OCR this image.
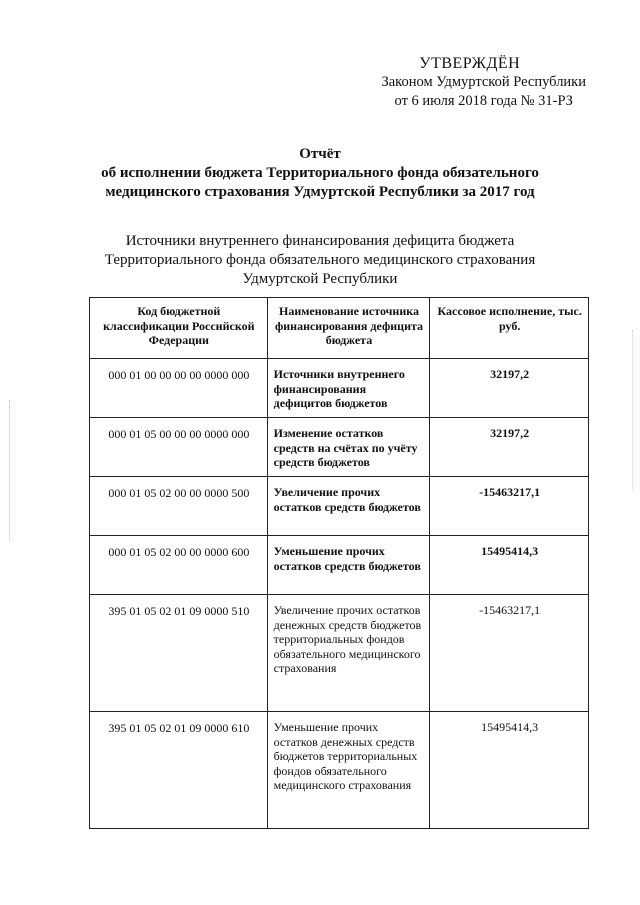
УТВЕРЖДЁН
Законом Удмуртской Республики
от 6 июля 2018 года № 31-РЗ
Отчёт
об исполнении бюджета Территориального фонда обязательного
медицинского страхования Удмуртской Республики за 2017 год
Источники внутреннего финансирования дефицита бюджета
Территориального фонда обязательного медицинского страхования
Удмуртской Республики
Код бюджетной классификации Российской Федерации	Наименование источника финансирования дефицита бюджета	Кассовое исполнение, тыс. руб.
000 01 00 00 00 00 0000 000	Источники внутреннего финансирования дефицитов бюджетов	32197,2
000 01 05 00 00 00 0000 000	Изменение остатков средств на счётах по учёту средств бюджетов	32197,2
000 01 05 02 00 00 0000 500	Увеличение прочих остатков средств бюджетов	-15463217,1
000 01 05 02 00 00 0000 600	Уменьшение прочих остатков средств бюджетов	15495414,3
395 01 05 02 01 09 0000 510	Увеличение прочих остатков денежных средств бюджетов территориальных фондов обязательного медицинского страхования	-15463217,1
395 01 05 02 01 09 0000 610	Уменьшение прочих остатков денежных средств бюджетов территориальных фондов обязательного медицинского страхования	15495414,3
